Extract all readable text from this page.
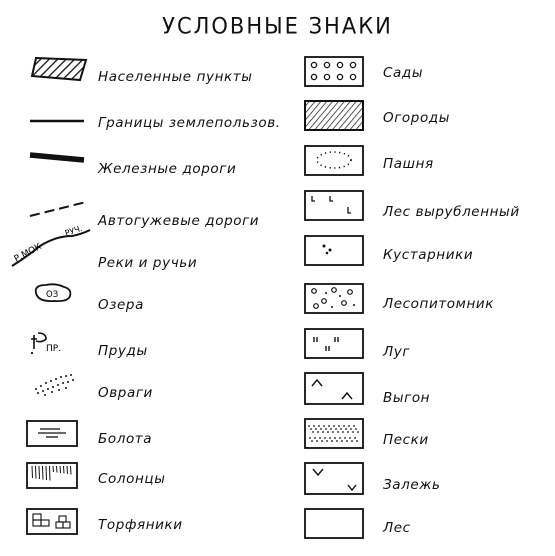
УСЛОВНЫЕ ЗНАКИ
Населенные пункты
Границы землепользов.
Железные дороги
Автогужевые дороги
Р.МОК
РУЧ.
Реки и ручьи
ОЗ
Озера
ПР.	Пруды
Овраги
Болота
Солонцы
Торфяники
Сады
Огороды
Пашня
Лес вырубленный
Кустарники
Лесопитомник
Луг
Выгон
Пески
Залежь
Лес
